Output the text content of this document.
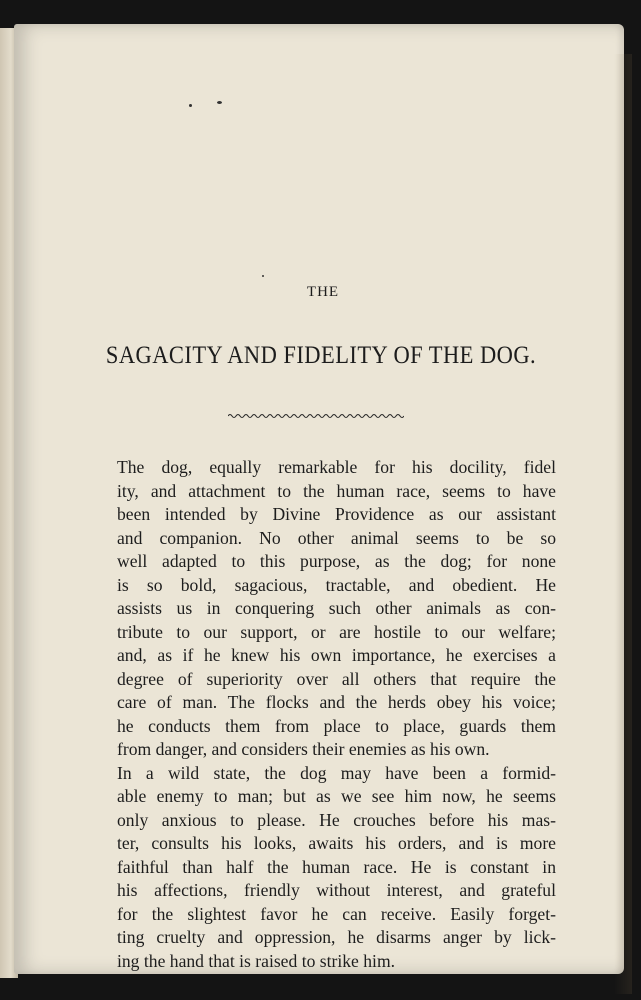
THE
SAGACITY AND FIDELITY OF THE DOG.
The dog, equally remarkable for his docility, fidel
ity, and attachment to the human race, seems to have
been intended by Divine Providence as our assistant
and companion. No other animal seems to be so
well adapted to this purpose, as the dog; for none
is so bold, sagacious, tractable, and obedient. He
assists us in conquering such other animals as con-
tribute to our support, or are hostile to our welfare;
and, as if he knew his own importance, he exercises a
degree of superiority over all others that require the
care of man. The flocks and the herds obey his voice;
he conducts them from place to place, guards them
from danger, and considers their enemies as his own.
In a wild state, the dog may have been a formid-
able enemy to man; but as we see him now, he seems
only anxious to please. He crouches before his mas-
ter, consults his looks, awaits his orders, and is more
faithful than half the human race. He is constant in
his affections, friendly without interest, and grateful
for the slightest favor he can receive. Easily forget-
ting cruelty and oppression, he disarms anger by lick-
ing the hand that is raised to strike him.
